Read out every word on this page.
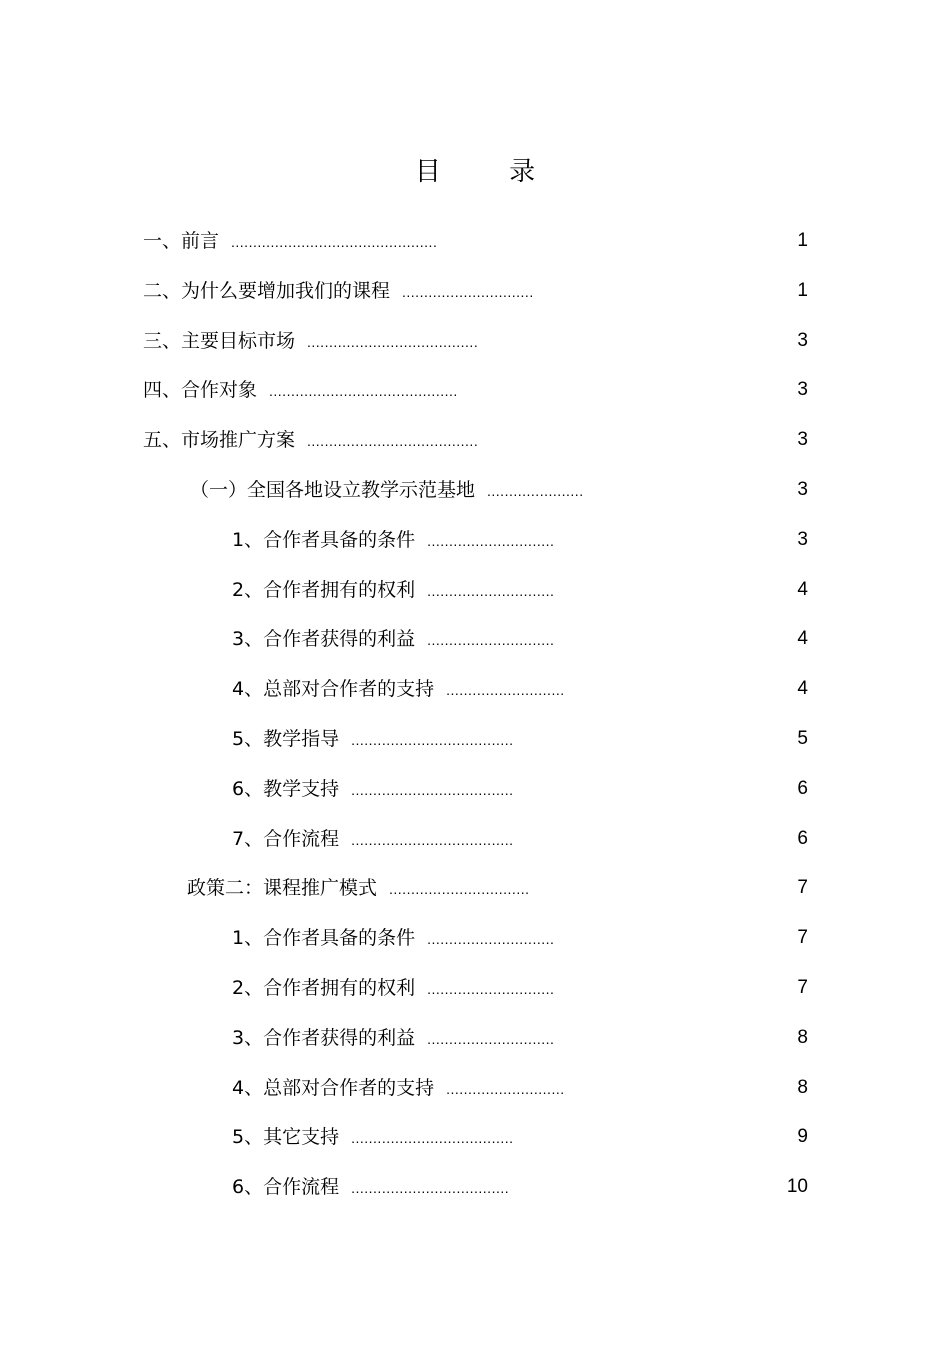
目 录
一、前言 ...............................................	1
二、为什么要增加我们的课程 ..............................	1
三、主要目标市场 .......................................	3
四、合作对象 ...........................................	3
五、市场推广方案 .......................................	3
（一）全国各地设立教学示范基地 ......................	3
1、合作者具备的条件 .............................	3
2、合作者拥有的权利 .............................	4
3、合作者获得的利益 .............................	4
4、总部对合作者的支持 ...........................	4
5、教学指导 .....................................	5
6、教学支持 .....................................	6
7、合作流程 .....................................	6
政策二：课程推广模式 ................................	7
1、合作者具备的条件 .............................	7
2、合作者拥有的权利 .............................	7
3、合作者获得的利益 .............................	8
4、总部对合作者的支持 ...........................	8
5、其它支持 .....................................	9
6、合作流程 ....................................	10
